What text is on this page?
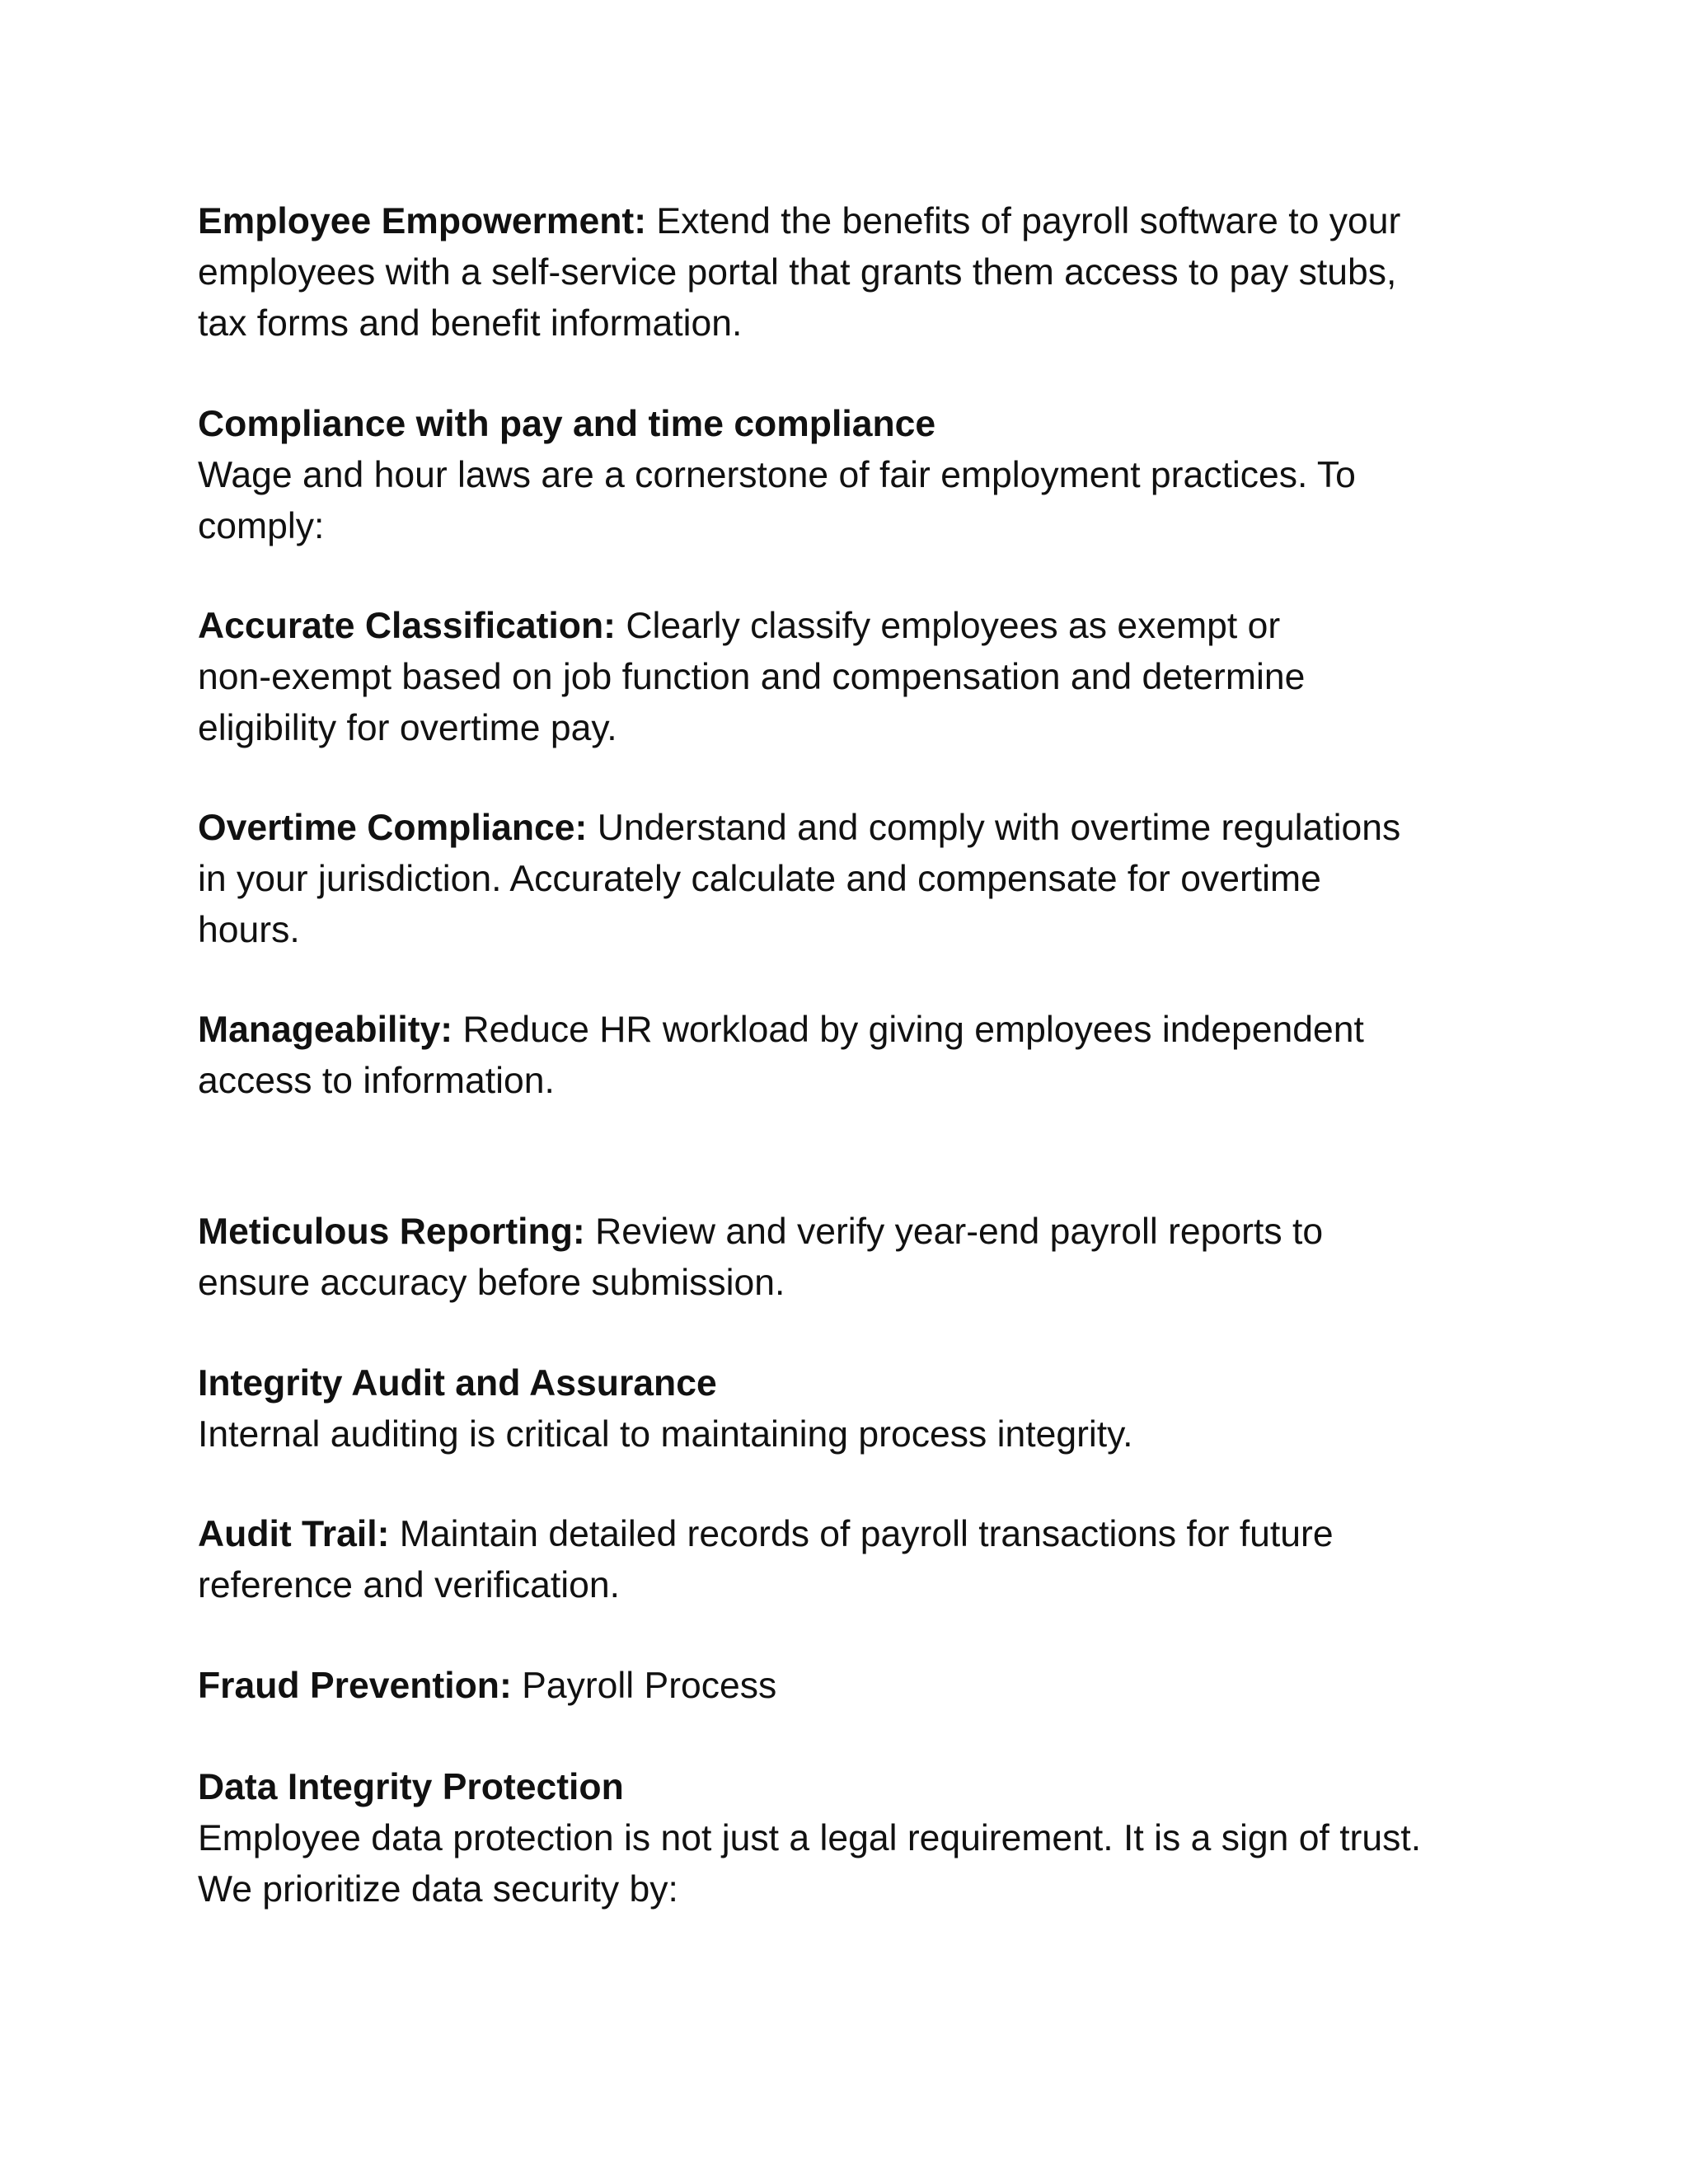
Employee Empowerment: Extend the benefits of payroll software to your
employees with a self-service portal that grants them access to pay stubs,
tax forms and benefit information.

Compliance with pay and time compliance
Wage and hour laws are a cornerstone of fair employment practices. To
comply:

Accurate Classification: Clearly classify employees as exempt or
non-exempt based on job function and compensation and determine
eligibility for overtime pay.

Overtime Compliance: Understand and comply with overtime regulations
in your jurisdiction. Accurately calculate and compensate for overtime
hours.

Manageability: Reduce HR workload by giving employees independent
access to information.

Meticulous Reporting: Review and verify year-end payroll reports to
ensure accuracy before submission.

Integrity Audit and Assurance
Internal auditing is critical to maintaining process integrity.

Audit Trail: Maintain detailed records of payroll transactions for future
reference and verification.

Fraud Prevention: Payroll Process

Data Integrity Protection
Employee data protection is not just a legal requirement. It is a sign of trust.
We prioritize data security by:
